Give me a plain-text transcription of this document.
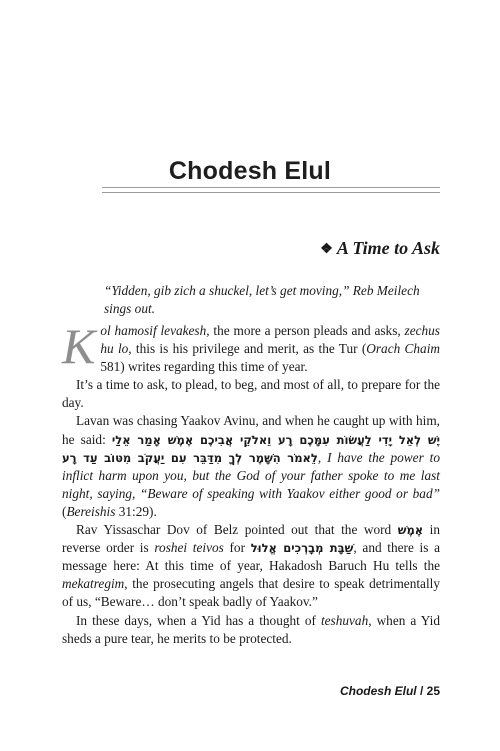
Chodesh Elul
❖ A Time to Ask
“Yidden, gib zich a shuckel, let’s get moving,” Reb Meilech sings out.

Kol hamosif levakesh, the more a person pleads and asks, zechus hu lo, this is his privilege and merit, as the Tur (Orach Chaim 581) writes regarding this time of year.

It’s a time to ask, to plead, to beg, and most of all, to prepare for the day.

Lavan was chasing Yaakov Avinu, and when he caught up with him, he said: יֶשׁ לְאֵל יָדִי לַעֲשׂוֹת עִמָּכֶם רָע וֵאלֹקֵי אֲבִיכֶם אֶמֶשׁ אָמַר אֵלַי לֵאמֹר הִשָּׁמֶר לְךָ מִדַּבֵּר עִם יַעֲקֹב מִטּוֹב עַד רָע, I have the power to inflict harm upon you, but the God of your father spoke to me last night, saying, “Beware of speaking with Yaakov either good or bad” (Bereishis 31:29).

Rav Yissaschar Dov of Belz pointed out that the word אֶמֶשׁ in reverse order is roshei teivos for שַׁבָּת מְבָרְכִים אֱלוּל, and there is a message here: At this time of year, Hakadosh Baruch Hu tells the mekatregim, the prosecuting angels that desire to speak detrimentally of us, “Beware… don’t speak badly of Yaakov.”

In these days, when a Yid has a thought of teshuvah, when a Yid sheds a pure tear, he merits to be protected.

Chodesh Elul / 25
